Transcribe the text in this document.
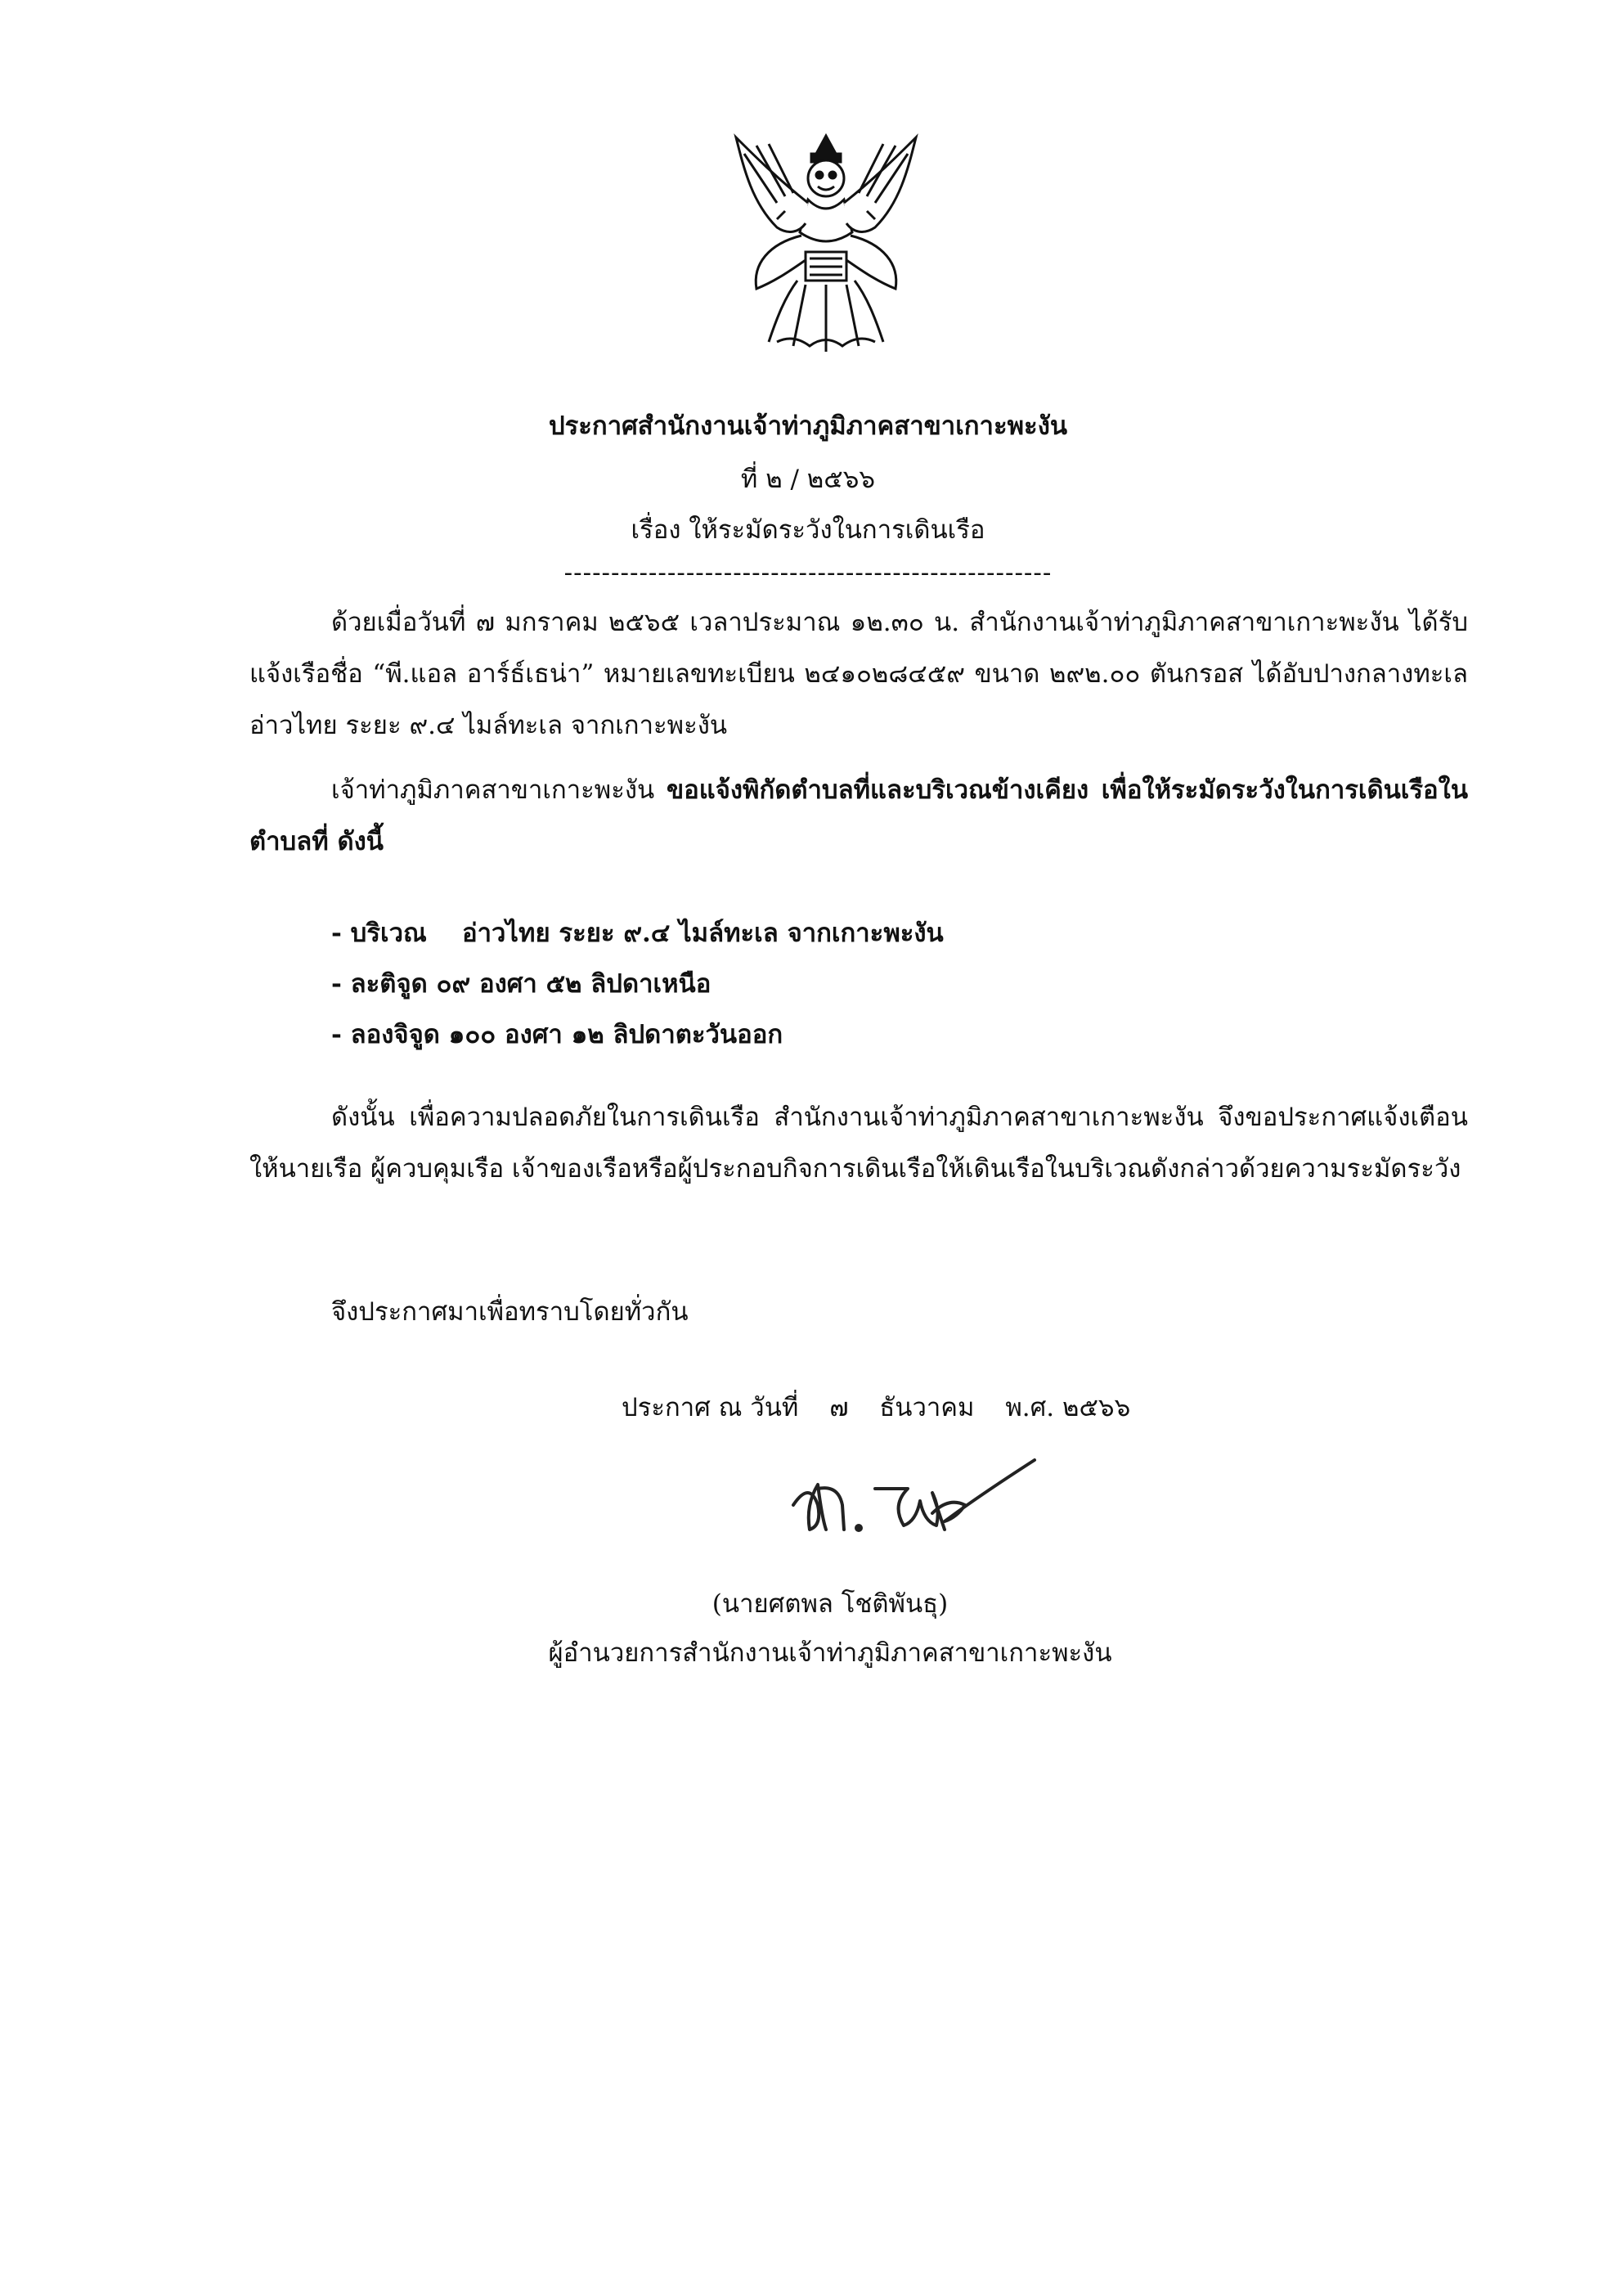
ประกาศสำนักงานเจ้าท่าภูมิภาคสาขาเกาะพะงัน
ที่ ๒ / ๒๕๖๖
เรื่อง ให้ระมัดระวังในการเดินเรือ
----------------------------------------------------

ด้วยเมื่อวันที่ ๗ มกราคม ๒๕๖๕ เวลาประมาณ ๑๒.๓๐ น. สำนักงานเจ้าท่าภูมิภาคสาขาเกาะพะงัน ได้รับแจ้งเรือชื่อ “พี.แอล อาร์ธ์เธน่า” หมายเลขทะเบียน ๒๔๑๐๒๘๔๕๙ ขนาด ๒๙๒.๐๐ ตันกรอส ได้อับปางกลางทะเลอ่าวไทย ระยะ ๙.๔ ไมล์ทะเล จากเกาะพะงัน

เจ้าท่าภูมิภาคสาขาเกาะพะงัน ขอแจ้งพิกัดตำบลที่และบริเวณข้างเคียง เพื่อให้ระมัดระวังในการเดินเรือในตำบลที่ ดังนี้

- บริเวณ อ่าวไทย ระยะ ๙.๔ ไมล์ทะเล จากเกาะพะงัน
- ละติจูด ๐๙ องศา ๕๒ ลิปดาเหนือ
- ลองจิจูด ๑๐๐ องศา ๑๒ ลิปดาตะวันออก

ดังนั้น เพื่อความปลอดภัยในการเดินเรือ สำนักงานเจ้าท่าภูมิภาคสาขาเกาะพะงัน จึงขอประกาศแจ้งเตือนให้นายเรือ ผู้ควบคุมเรือ เจ้าของเรือหรือผู้ประกอบกิจการเดินเรือให้เดินเรือในบริเวณดังกล่าวด้วยความระมัดระวัง

จึงประกาศมาเพื่อทราบโดยทั่วกัน

ประกาศ ณ วันที่ ๗ ธันวาคม พ.ศ. ๒๕๖๖
(นายศตพล โชติพันธุ)
ผู้อำนวยการสำนักงานเจ้าท่าภูมิภาคสาขาเกาะพะงัน
